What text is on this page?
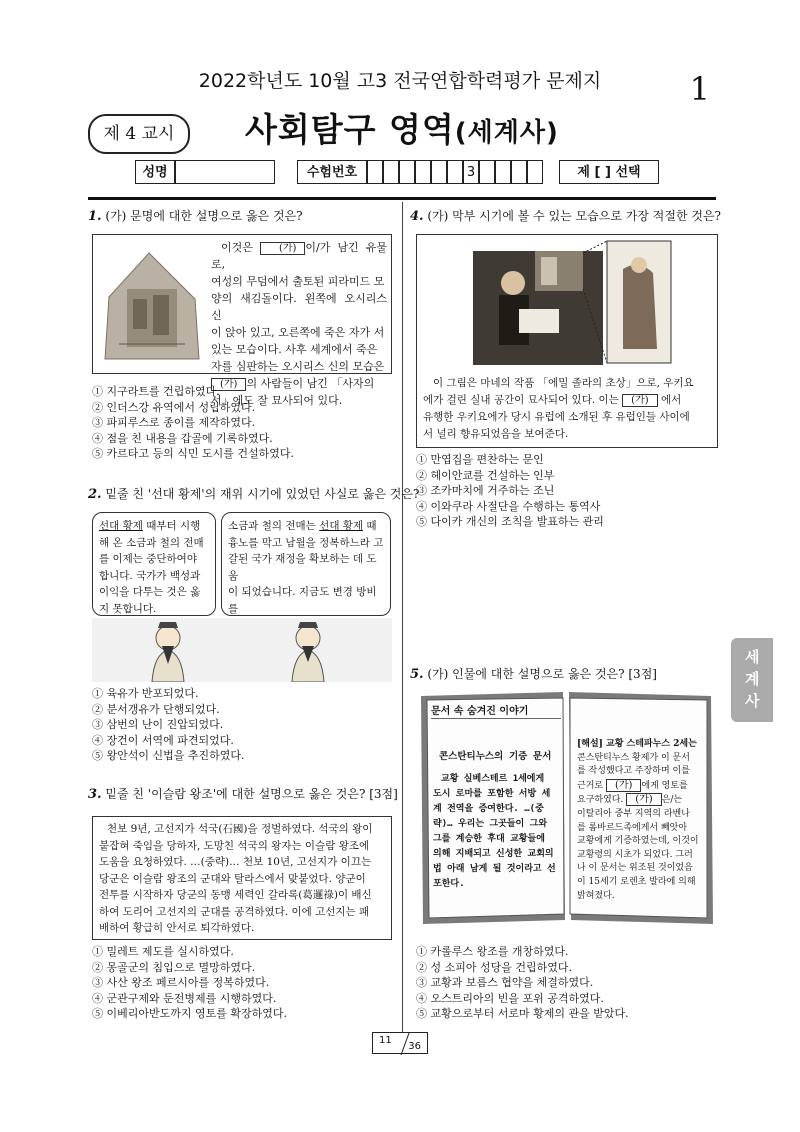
2022학년도 10월 고3 전국연합학력평가 문제지	1
제 4 교시	사회탐구 영역(세계사)
성명	수험번호	3	제 [ ] 선택
1. (가) 문명에 대한 설명으로 옳은 것은?
이것은 (가) 이/가 남긴 유물로,
여성의 무덤에서 출토된 피라미드 모
양의 새김돌이다. 왼쪽에 오시리스 신
이 앉아 있고, 오른쪽에 죽은 자가 서
있는 모습이다. 사후 세계에서 죽은
자를 심판하는 오시리스 신의 모습은
(가) 의 사람들이 남긴 「사자의
서」에도 잘 묘사되어 있다.
① 지구라트를 건립하였다.
② 인더스강 유역에서 성립하였다.
③ 파피루스로 종이를 제작하였다.
④ 점을 친 내용을 갑골에 기록하였다.
⑤ 카르타고 등의 식민 도시를 건설하였다.
2. 밑줄 친 '선대 황제'의 재위 시기에 있었던 사실로 옳은 것은?
선대 황제 때부터 시행
해 온 소금과 철의 전매
를 이제는 중단하여야
합니다. 국가가 백성과
이익을 다투는 것은 옳
지 못합니다.
소금과 철의 전매는 선대 황제 때
흉노를 막고 남월을 정복하느라 고
갈된 국가 재정을 확보하는 데 도움
이 되었습니다. 지금도 변경 방비를
① 육유가 반포되었다.
② 분서갱유가 단행되었다.
③ 삼번의 난이 진압되었다.
④ 장건이 서역에 파견되었다.
⑤ 왕안석이 신법을 추진하였다.
3. 밑줄 친 '이슬람 왕조'에 대한 설명으로 옳은 것은? [3점]
천보 9년, 고선지가 석국(石國)을 정벌하였다. 석국의 왕이
붙잡혀 죽임을 당하자, 도망친 석국의 왕자는 이슬람 왕조에
도움을 요청하였다. …(중략)… 천보 10년, 고선지가 이끄는
당군은 이슬람 왕조의 군대와 탈라스에서 맞붙었다. 양군이
전투를 시작하자 당군의 동맹 세력인 갈라록(葛邏祿)이 배신
하여 도리어 고선지의 군대를 공격하였다. 이에 고선지는 패
배하여 황급히 안서로 퇴각하였다.
① 밀레트 제도를 실시하였다.
② 몽골군의 침입으로 멸망하였다.
③ 사산 왕조 페르시아를 정복하였다.
④ 군관구제와 둔전병제를 시행하였다.
⑤ 이베리아반도까지 영토를 확장하였다.
4. (가) 막부 시기에 볼 수 있는 모습으로 가장 적절한 것은?
이 그림은 마네의 작품 「에밀 졸라의 초상」으로, 우키요
에가 걸린 실내 공간이 묘사되어 있다. 이는 (가) 에서
유행한 우키요에가 당시 유럽에 소개된 후 유럽인들 사이에
서 널리 향유되었음을 보여준다.
① 만엽집을 편찬하는 문인
② 헤이안쿄를 건설하는 인부
③ 조카마치에 거주하는 조닌
④ 이와쿠라 사절단을 수행하는 통역사
⑤ 다이카 개신의 조칙을 발표하는 관리
5. (가) 인물에 대한 설명으로 옳은 것은? [3점]
문서 속 숨겨진 이야기
콘스탄티누스의 기증 문서
교황 실베스테르 1세에게
도시 로마를 포함한 서방 세
계 전역을 증여한다. …(중
략)… 우리는 그곳들이 그와
그를 계승한 후대 교황들에
의해 지배되고 신성한 교회의
법 아래 남게 될 것이라고 선
포한다.
[해설] 교황 스테파누스 2세는
콘스탄티누스 황제가 이 문서
를 작성했다고 주장하며 이를
근거로 (가) 에게 영토를
요구하였다. (가) 은/는
이탈리아 중부 지역의 라벤나
를 롬바르드족에게서 빼앗아
교황에게 기증하였는데, 이것이
교황령의 시초가 되었다. 그러
나 이 문서는 위조된 것이었음
이 15세기 로렌초 발라에 의해
밝혀졌다.
① 카롤루스 왕조를 개창하였다.
② 성 소피아 성당을 건립하였다.
③ 교황과 보름스 협약을 체결하였다.
④ 오스트리아의 빈을 포위 공격하였다.
⑤ 교황으로부터 서로마 황제의 관을 받았다.
세계사
11
36
